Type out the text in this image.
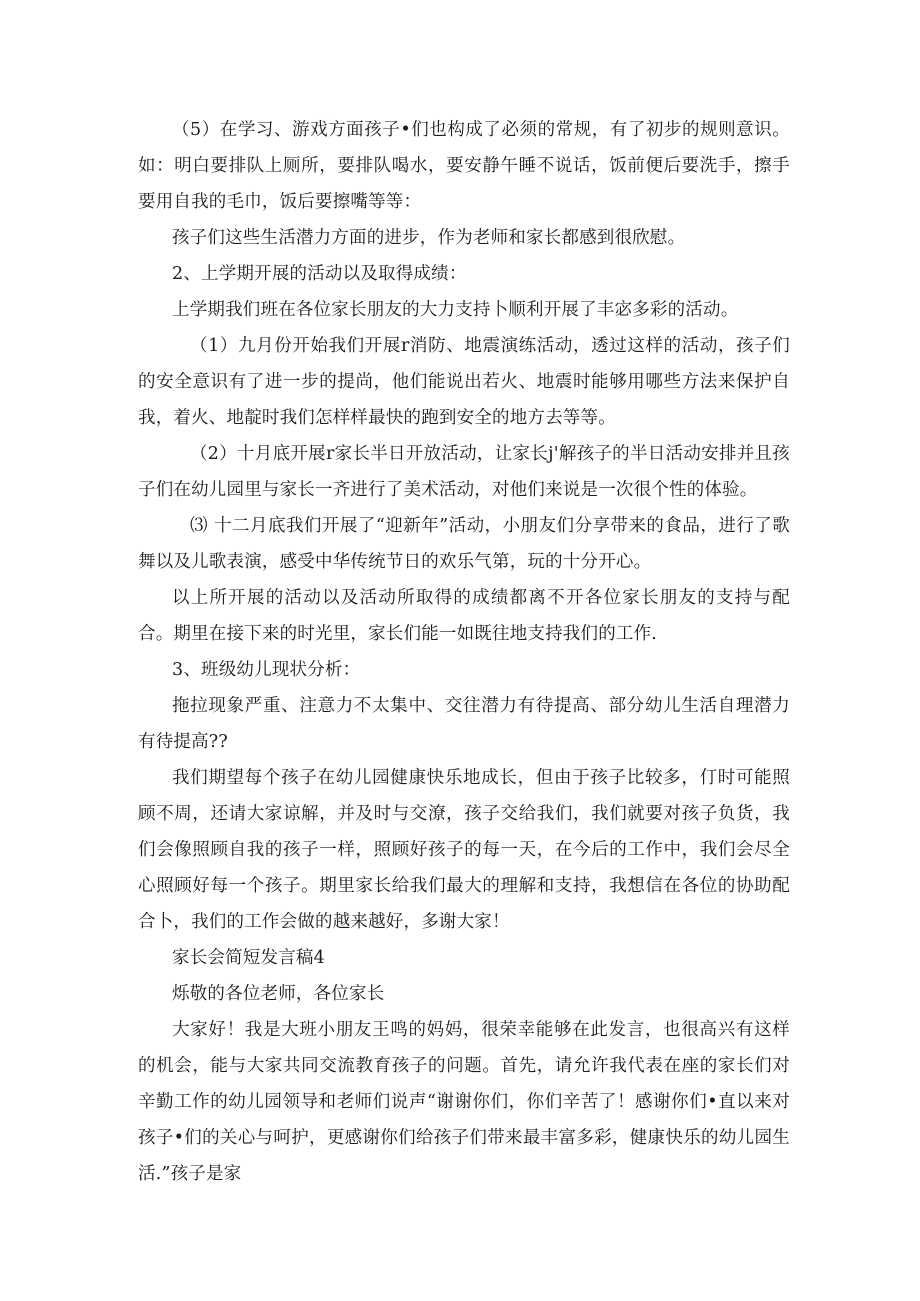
（5）在学习、游戏方面孩子•们也构成了必须的常规，有了初步的规则意识。如：明白要排队上厕所，要排队喝水，要安静午睡不说话，饭前便后要洗手，擦手要用自我的毛巾，饭后要擦嘴等等：

孩子们这些生活潜力方面的进步，作为老师和家长都感到很欣慰。

2、上学期开展的活动以及取得成绩：

上学期我们班在各位家长朋友的大力支持卜顺利开展了丰宓多彩的活动。

（1）九月份开始我们开展r消防、地震演练活动，透过这样的活动，孩子们的安全意识有了进一步的提尚，他们能说出若火、地震时能够用哪些方法来保护自我，着火、地靛时我们怎样样最快的跑到安全的地方去等等。

（2）十月底开展r家长半日开放活动，让家长j'解孩子的半日活动安排并且孩子们在幼儿园里与家长一齐进行了美术活动，对他们来说是一次很个性的体验。

⑶ 十二月底我们开展了“迎新年”活动，小朋友们分享带来的食品，进行了歌舞以及儿歌表演，感受中华传统节日的欢乐气第，玩的十分开心。

以上所开展的活动以及活动所取得的成绩都离不开各位家长朋友的支持与配合。期里在接下来的时光里，家长们能一如既往地支持我们的工作.

3、班级幼儿现状分析：

拖拉现象严重、注意力不太集中、交往潜力有待提高、部分幼儿生活自理潜力有待提高??

我们期望每个孩子在幼儿园健康快乐地成长，但由于孩子比较多，仃时可能照顾不周，还请大家谅解，并及时与交潦，孩子交给我们，我们就要对孩子负货，我们会像照顾自我的孩子一样，照顾好孩子的每一天，在今后的工作中，我们会尽全心照顾好每一个孩子。期里家长给我们最大的理解和支持，我想信在各位的协助配合卜，我们的工作会做的越来越好，多谢大家！

家长会简短发言稿4

烁敬的各位老师，各位家长

大家好！我是大班小朋友王鸣的妈妈，很荣幸能够在此发言，也很高兴有这样的机会，能与大家共同交流教育孩子的问题。首先，请允许我代表在座的家长们对辛勤工作的幼儿园领导和老师们说声“谢谢你们，你们辛苦了！感谢你们•直以来对孩子•们的关心与呵护，更感谢你们给孩子们带来最丰富多彩，健康快乐的幼儿园生活.”孩子是家
